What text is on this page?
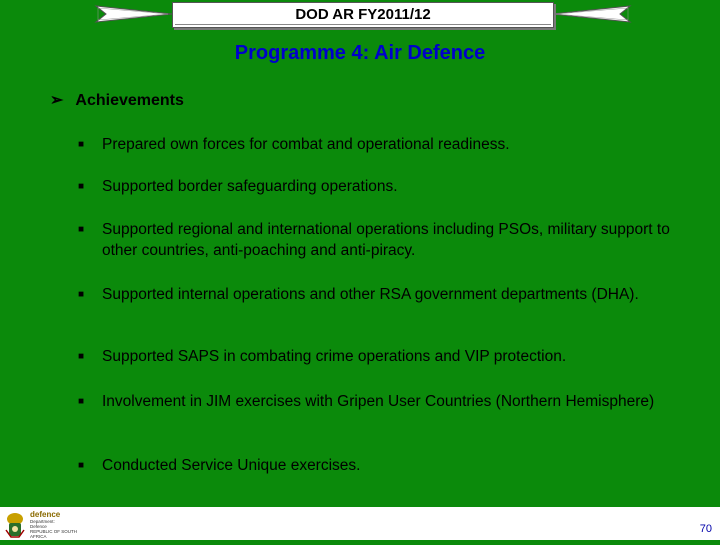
DOD AR FY2011/12
Programme 4: Air Defence
➢ Achievements
■	Prepared own forces for combat and operational readiness.
■	Supported border safeguarding operations.
■	Supported regional and international operations including PSOs, military support to other countries, anti-poaching and anti-piracy.
■	Supported internal operations and other RSA government departments (DHA).
■	Supported SAPS in combating crime operations and VIP protection.
■	Involvement in JIM exercises with Gripen User Countries (Northern Hemisphere)
■	Conducted Service Unique exercises.
defence
Department:
Defence
REPUBLIC OF SOUTH AFRICA
70
